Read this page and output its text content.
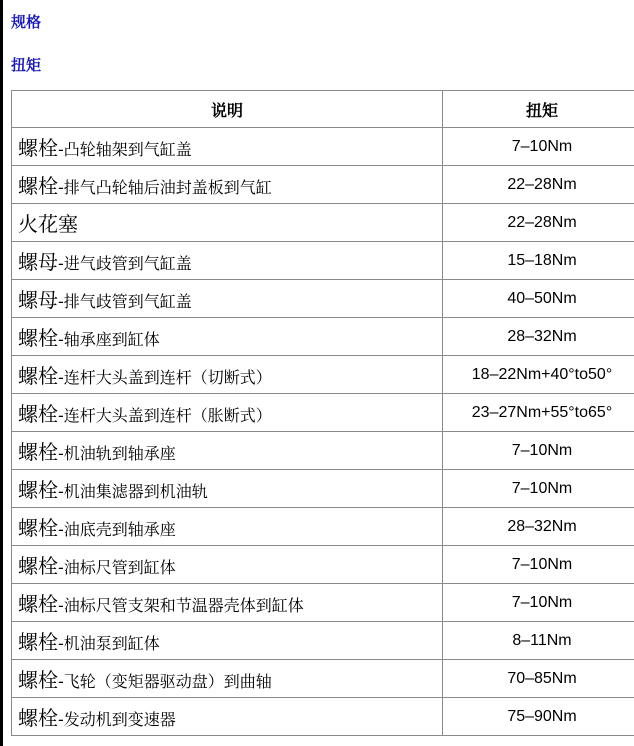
规格
扭矩
说明	扭矩
螺栓-凸轮轴架到气缸盖	7–10Nm
螺栓-排气凸轮轴后油封盖板到气缸	22–28Nm
火花塞	22–28Nm
螺母-进气歧管到气缸盖	15–18Nm
螺母-排气歧管到气缸盖	40–50Nm
螺栓-轴承座到缸体	28–32Nm
螺栓-连杆大头盖到连杆（切断式）	18–22Nm+40°to50°
螺栓-连杆大头盖到连杆（胀断式）	23–27Nm+55°to65°
螺栓-机油轨到轴承座	7–10Nm
螺栓-机油集滤器到机油轨	7–10Nm
螺栓-油底壳到轴承座	28–32Nm
螺栓-油标尺管到缸体	7–10Nm
螺栓-油标尺管支架和节温器壳体到缸体	7–10Nm
螺栓-机油泵到缸体	8–11Nm
螺栓-飞轮（变矩器驱动盘）到曲轴	70–85Nm
螺栓-发动机到变速器	75–90Nm
